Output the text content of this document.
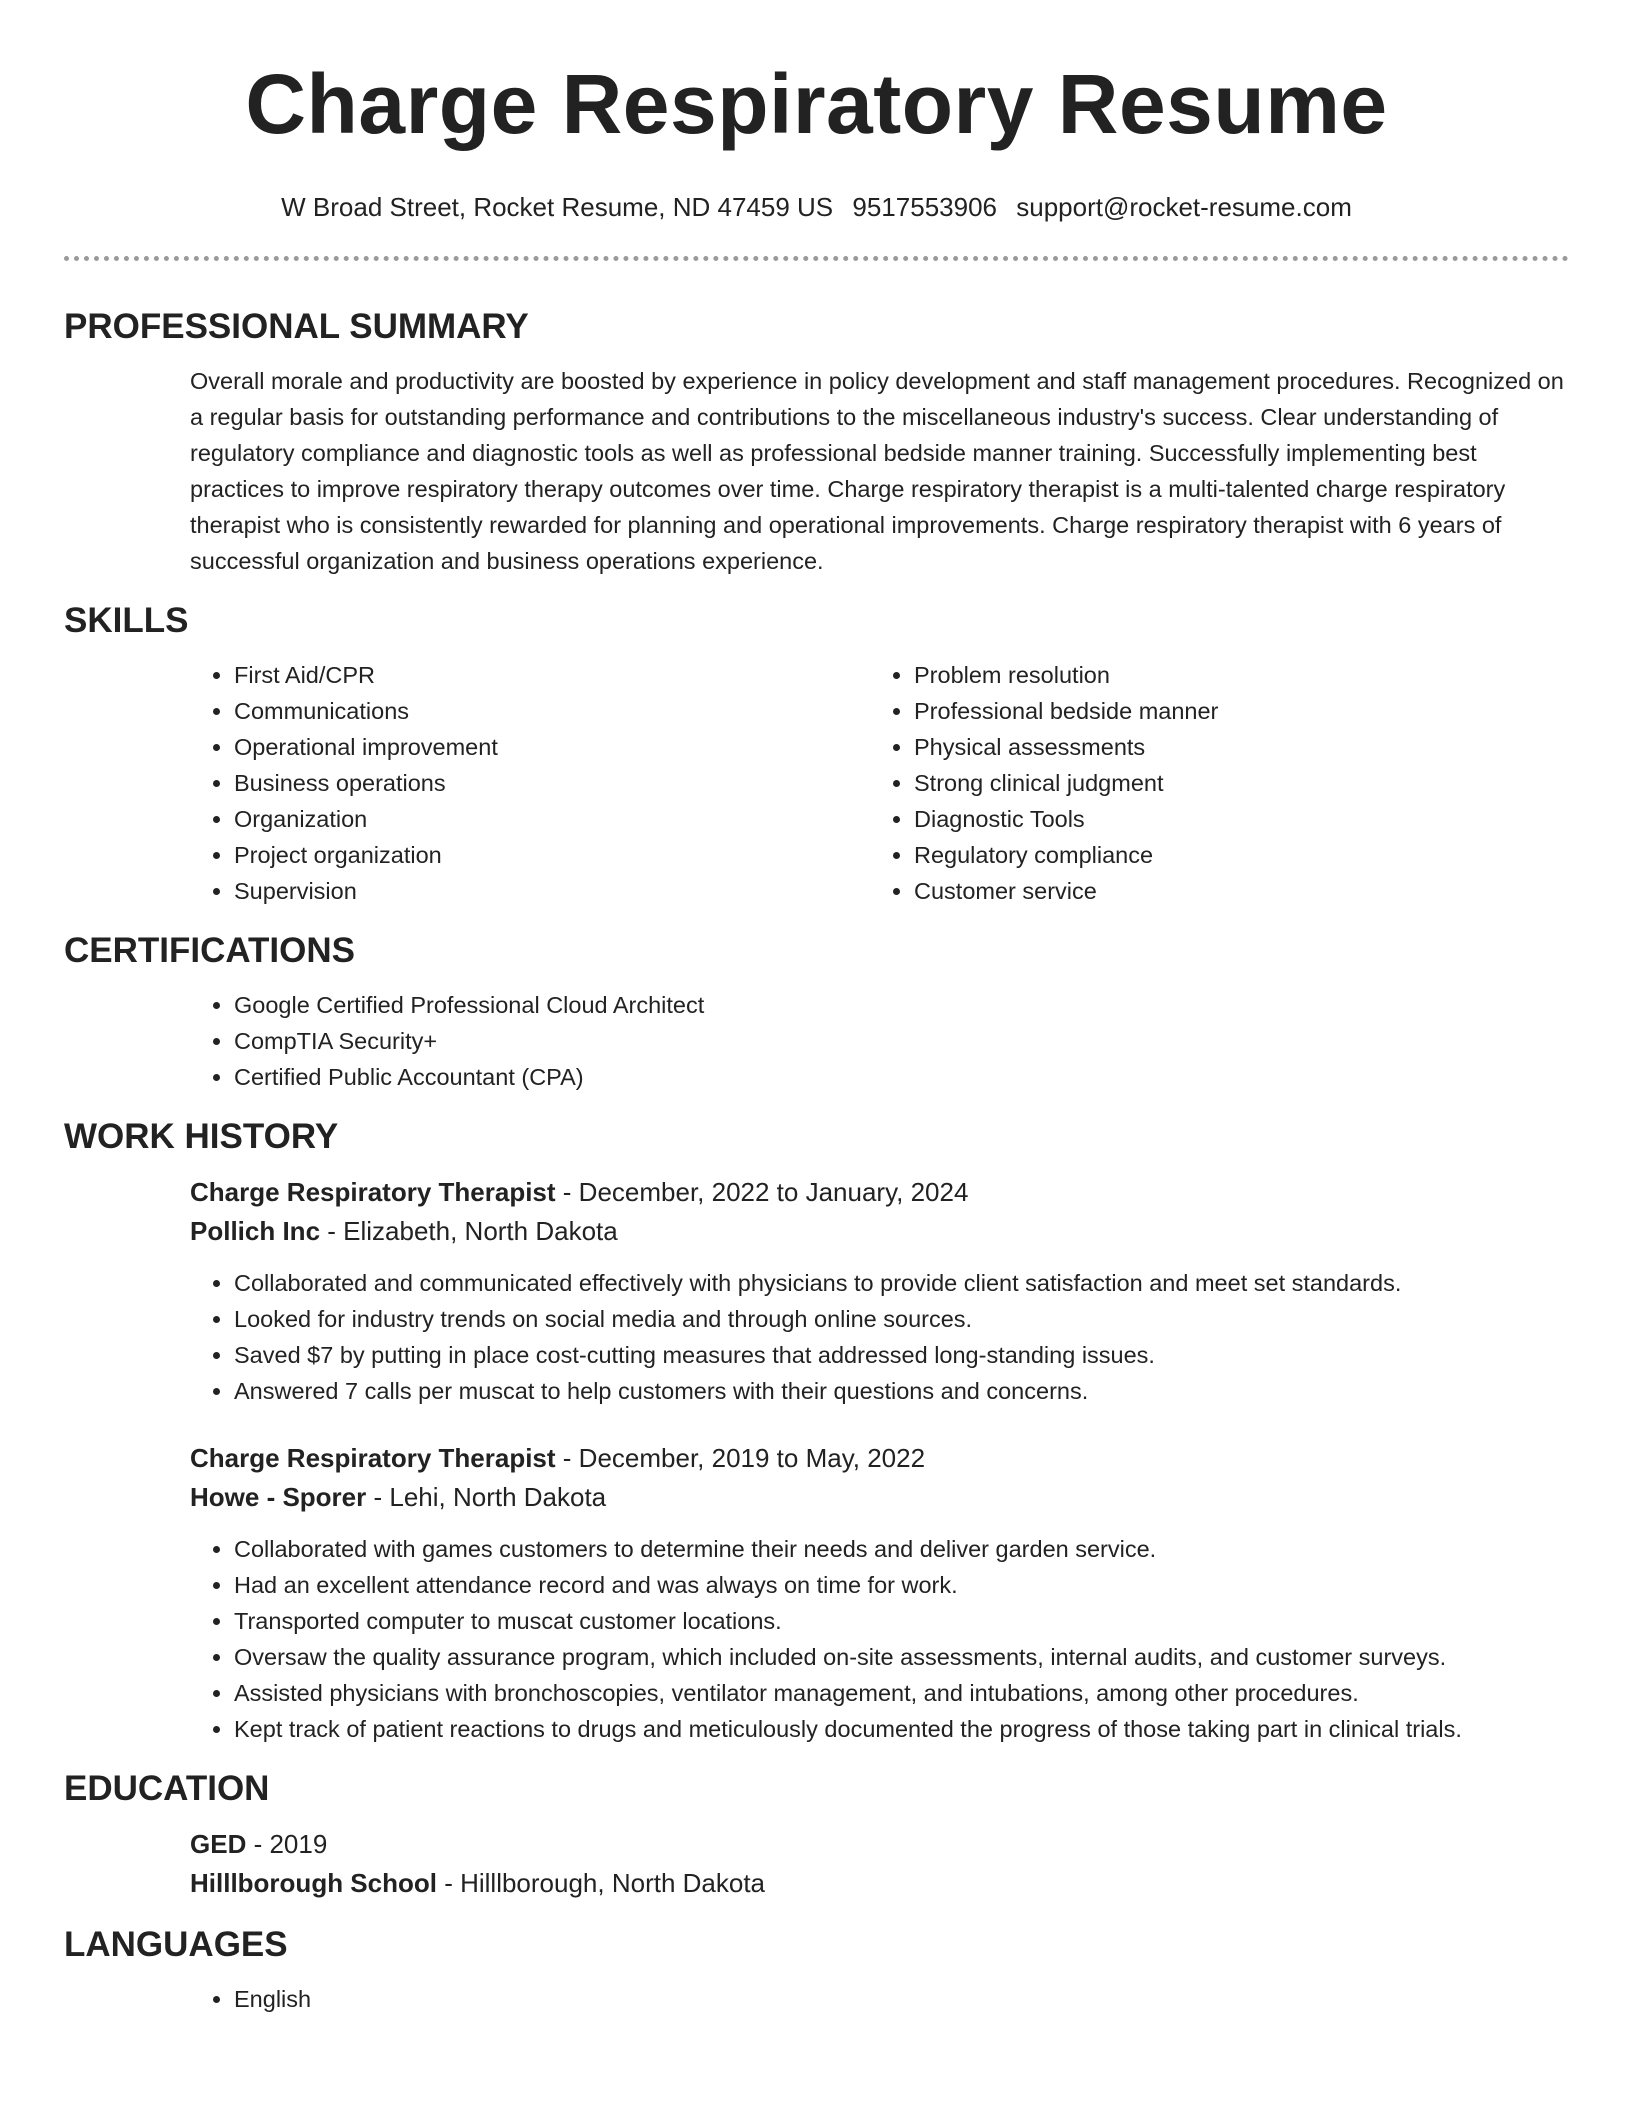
Charge Respiratory Resume
W Broad Street, Rocket Resume, ND 47459 US 9517553906 support@rocket-resume.com
PROFESSIONAL SUMMARY

Overall morale and productivity are boosted by experience in policy development and staff management procedures. Recognized on a regular basis for outstanding performance and contributions to the miscellaneous industry's success. Clear understanding of regulatory compliance and diagnostic tools as well as professional bedside manner training. Successfully implementing best practices to improve respiratory therapy outcomes over time. Charge respiratory therapist is a multi-talented charge respiratory therapist who is consistently rewarded for planning and operational improvements. Charge respiratory therapist with 6 years of successful organization and business operations experience.

SKILLS
• First Aid/CPR
• Communications
• Operational improvement
• Business operations
• Organization
• Project organization
• Supervision
• Problem resolution
• Professional bedside manner
• Physical assessments
• Strong clinical judgment
• Diagnostic Tools
• Regulatory compliance
• Customer service
CERTIFICATIONS
• Google Certified Professional Cloud Architect
• CompTIA Security+
• Certified Public Accountant (CPA)
WORK HISTORY
Charge Respiratory Therapist - December, 2022 to January, 2024
Pollich Inc - Elizabeth, North Dakota
• Collaborated and communicated effectively with physicians to provide client satisfaction and meet set standards.
• Looked for industry trends on social media and through online sources.
• Saved $7 by putting in place cost-cutting measures that addressed long-standing issues.
• Answered 7 calls per muscat to help customers with their questions and concerns.
Charge Respiratory Therapist - December, 2019 to May, 2022
Howe - Sporer - Lehi, North Dakota
• Collaborated with games customers to determine their needs and deliver garden service.
• Had an excellent attendance record and was always on time for work.
• Transported computer to muscat customer locations.
• Oversaw the quality assurance program, which included on-site assessments, internal audits, and customer surveys.
• Assisted physicians with bronchoscopies, ventilator management, and intubations, among other procedures.
• Kept track of patient reactions to drugs and meticulously documented the progress of those taking part in clinical trials.
EDUCATION
GED - 2019
Hilllborough School - Hilllborough, North Dakota
LANGUAGES
• English
